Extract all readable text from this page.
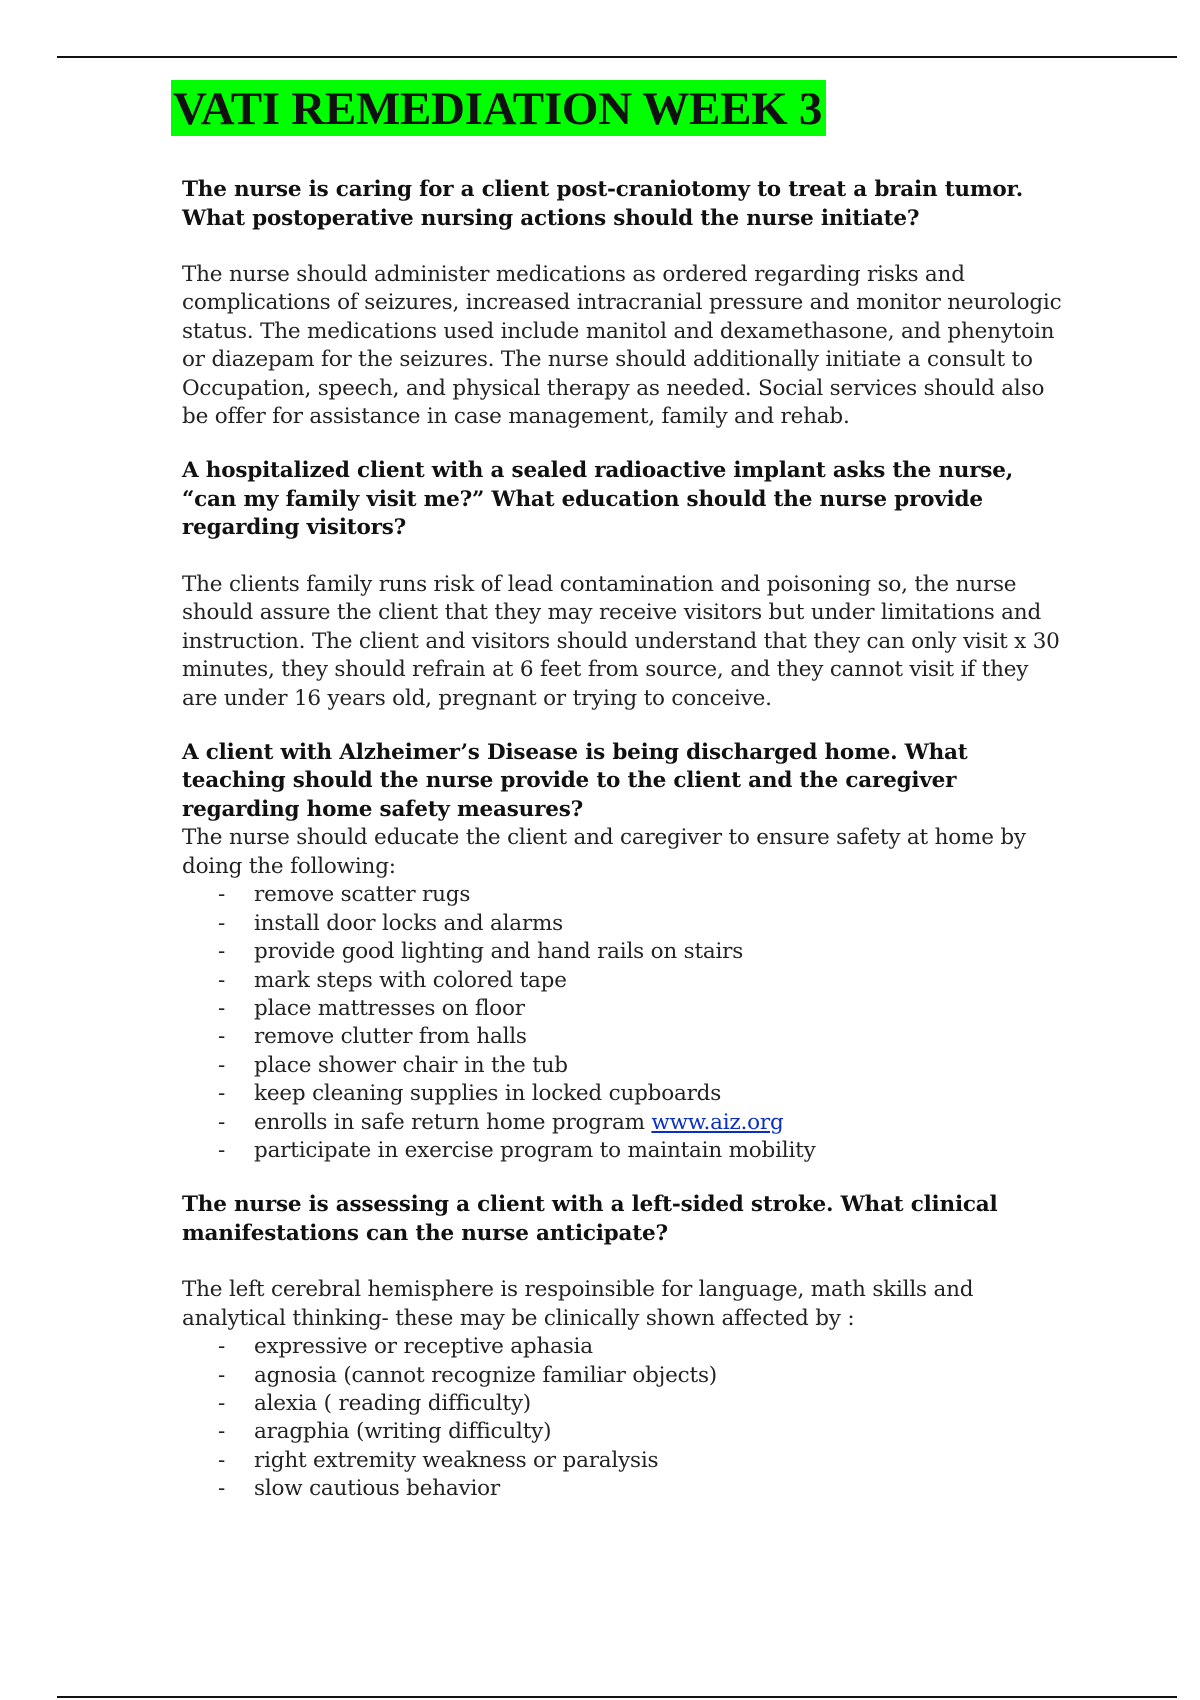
VATI REMEDIATION WEEK 3

The nurse is caring for a client post-craniotomy to treat a brain tumor. What postoperative nursing actions should the nurse initiate?

The nurse should administer medications as ordered regarding risks and complications of seizures, increased intracranial pressure and monitor neurologic status. The medications used include manitol and dexamethasone, and phenytoin or diazepam for the seizures. The nurse should additionally initiate a consult to Occupation, speech, and physical therapy as needed. Social services should also be offer for assistance in case management, family and rehab.

A hospitalized client with a sealed radioactive implant asks the nurse, “can my family visit me?” What education should the nurse provide regarding visitors?

The clients family runs risk of lead contamination and poisoning so, the nurse should assure the client that they may receive visitors but under limitations and instruction. The client and visitors should understand that they can only visit x 30 minutes, they should refrain at 6 feet from source, and they cannot visit if they are under 16 years old, pregnant or trying to conceive.

A client with Alzheimer’s Disease is being discharged home. What teaching should the nurse provide to the client and the caregiver regarding home safety measures?

The nurse should educate the client and caregiver to ensure safety at home by doing the following:

- remove scatter rugs
- install door locks and alarms
- provide good lighting and hand rails on stairs
- mark steps with colored tape
- place mattresses on floor
- remove clutter from halls
- place shower chair in the tub
- keep cleaning supplies in locked cupboards
- enrolls in safe return home program www.aiz.org
- participate in exercise program to maintain mobility

The nurse is assessing a client with a left-sided stroke. What clinical manifestations can the nurse anticipate?

The left cerebral hemisphere is respoinsible for language, math skills and analytical thinking- these may be clinically shown affected by :

- expressive or receptive aphasia
- agnosia (cannot recognize familiar objects)
- alexia ( reading difficulty)
- aragphia (writing difficulty)
- right extremity weakness or paralysis
- slow cautious behavior
